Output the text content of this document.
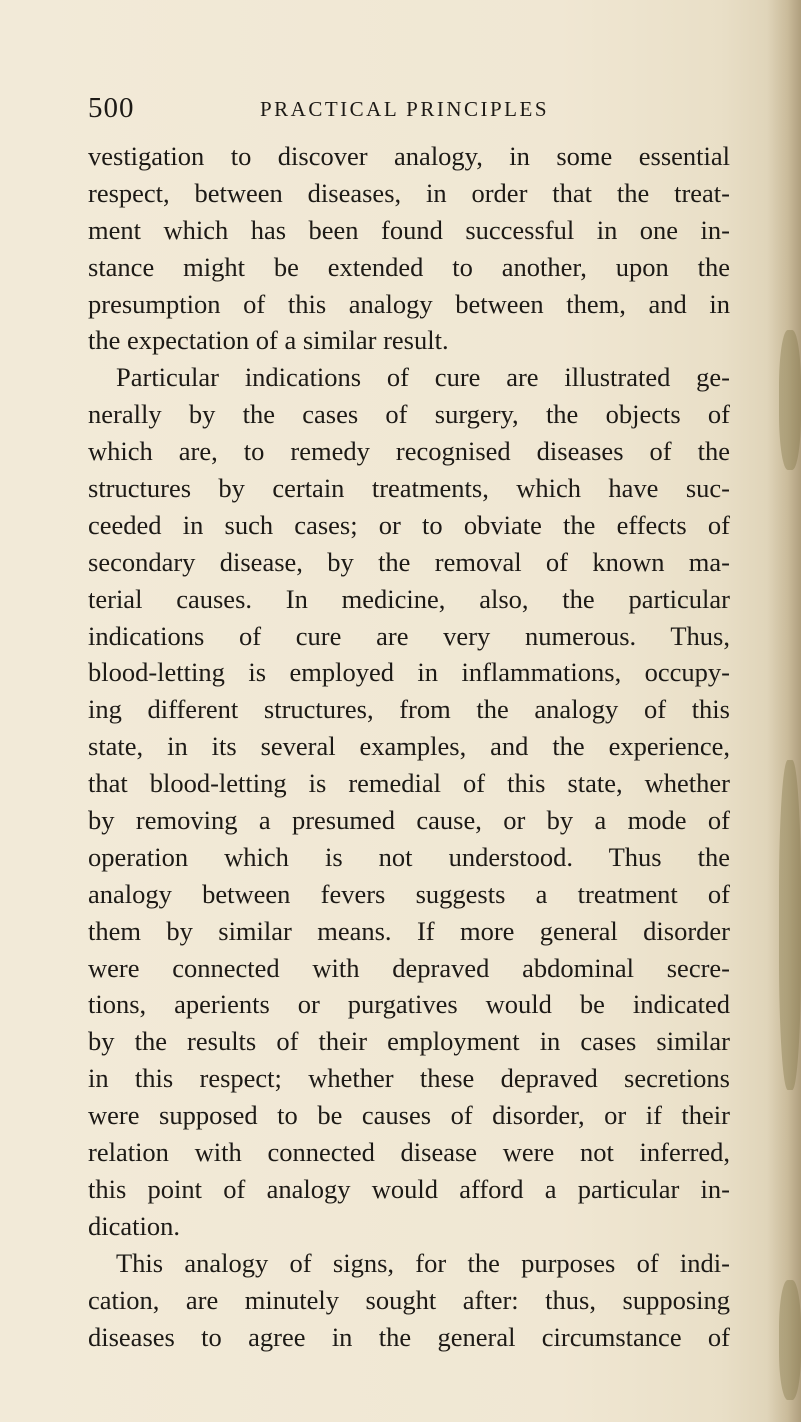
500	PRACTICAL PRINCIPLES
vestigation to discover analogy, in some essential
respect, between diseases, in order that the treat-
ment which has been found successful in one in-
stance might be extended to another, upon the
presumption of this analogy between them, and in
the expectation of a similar result.
Particular indications of cure are illustrated ge-
nerally by the cases of surgery, the objects of
which are, to remedy recognised diseases of the
structures by certain treatments, which have suc-
ceeded in such cases; or to obviate the effects of
secondary disease, by the removal of known ma-
terial causes. In medicine, also, the particular
indications of cure are very numerous. Thus,
blood-letting is employed in inflammations, occupy-
ing different structures, from the analogy of this
state, in its several examples, and the experience,
that blood-letting is remedial of this state, whether
by removing a presumed cause, or by a mode of
operation which is not understood. Thus the
analogy between fevers suggests a treatment of
them by similar means. If more general disorder
were connected with depraved abdominal secre-
tions, aperients or purgatives would be indicated
by the results of their employment in cases similar
in this respect; whether these depraved secretions
were supposed to be causes of disorder, or if their
relation with connected disease were not inferred,
this point of analogy would afford a particular in-
dication.
This analogy of signs, for the purposes of indi-
cation, are minutely sought after: thus, supposing
diseases to agree in the general circumstance of
